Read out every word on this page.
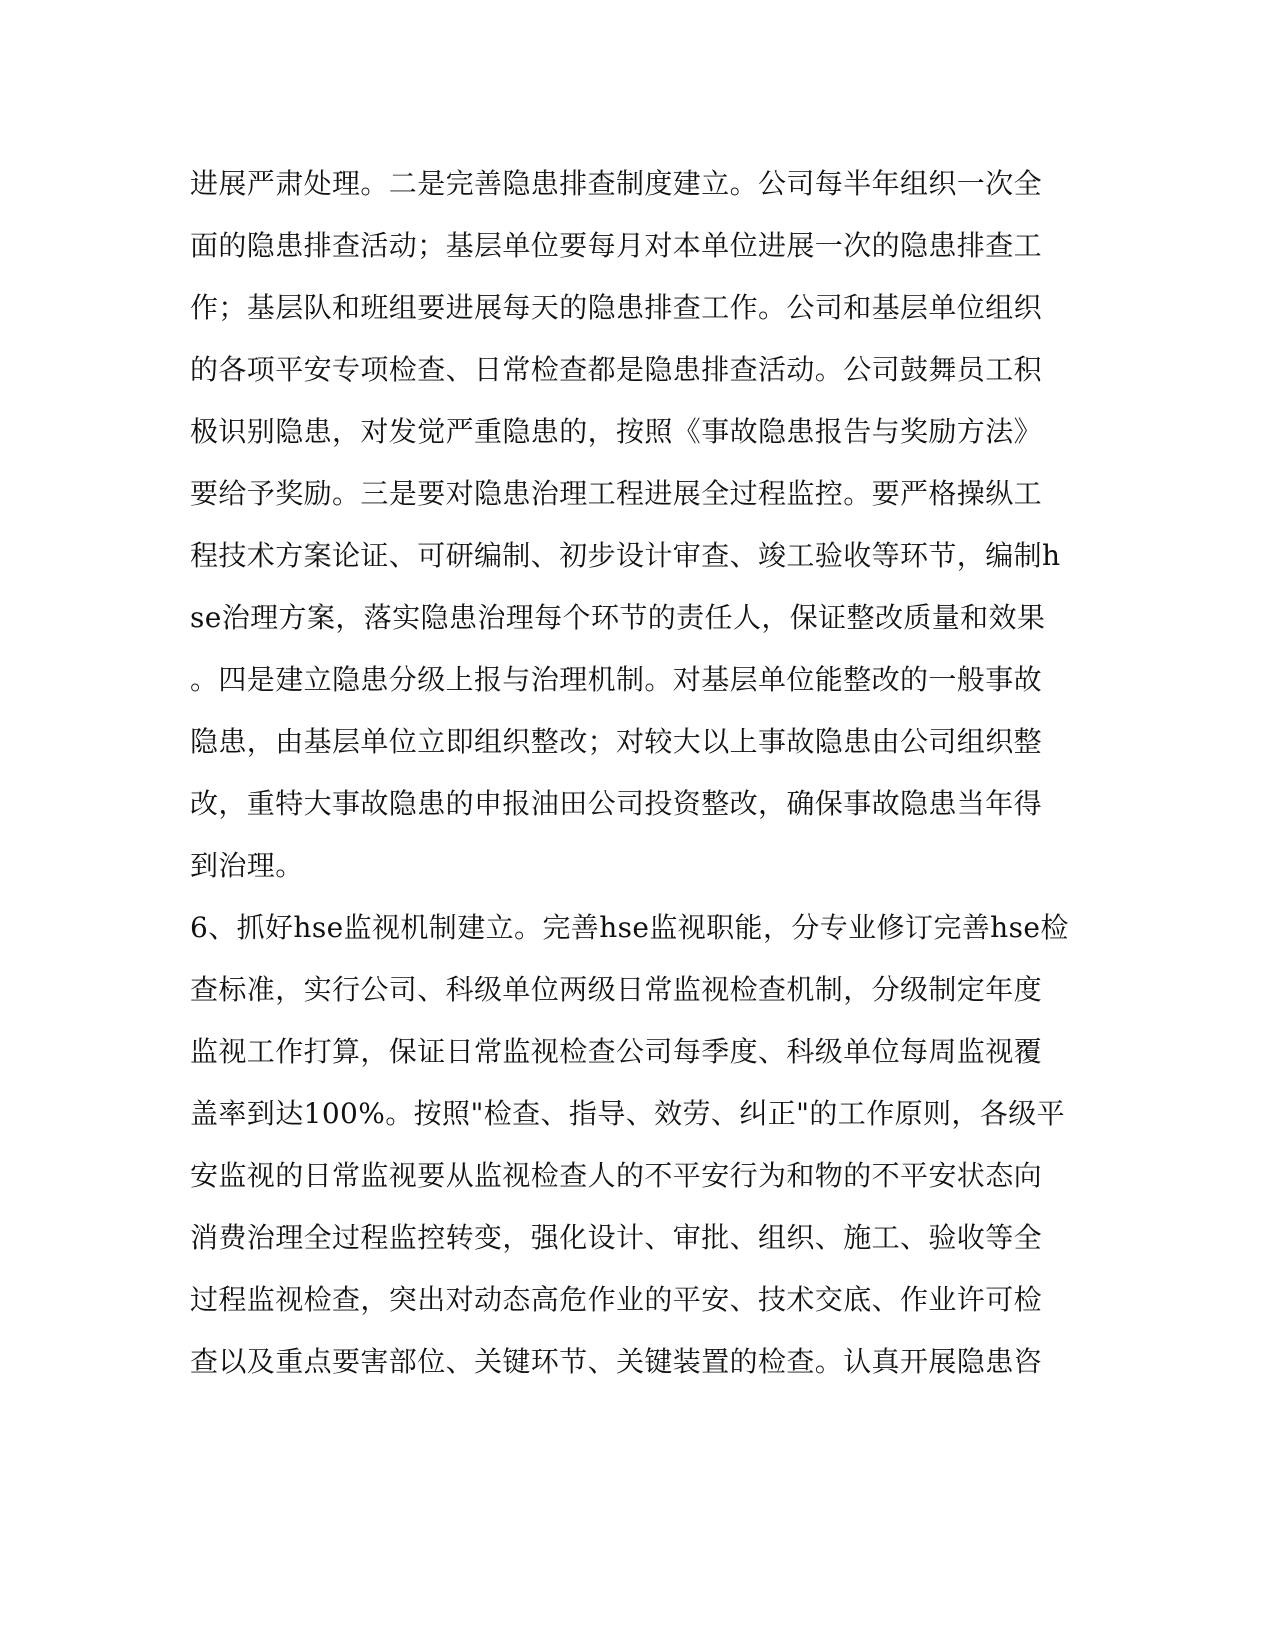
进展严肃处理。二是完善隐患排查制度建立。公司每半年组织一次全
面的隐患排查活动；基层单位要每月对本单位进展一次的隐患排查工
作；基层队和班组要进展每天的隐患排查工作。公司和基层单位组织
的各项平安专项检查、日常检查都是隐患排查活动。公司鼓舞员工积
极识别隐患，对发觉严重隐患的，按照《事故隐患报告与奖励方法》
要给予奖励。三是要对隐患治理工程进展全过程监控。要严格操纵工
程技术方案论证、可研编制、初步设计审查、竣工验收等环节，编制h
se治理方案，落实隐患治理每个环节的责任人，保证整改质量和效果
。四是建立隐患分级上报与治理机制。对基层单位能整改的一般事故
隐患，由基层单位立即组织整改；对较大以上事故隐患由公司组织整
改，重特大事故隐患的申报油田公司投资整改，确保事故隐患当年得
到治理。
6、抓好hse监视机制建立。完善hse监视职能，分专业修订完善hse检
查标准，实行公司、科级单位两级日常监视检查机制，分级制定年度
监视工作打算，保证日常监视检查公司每季度、科级单位每周监视覆
盖率到达100%。按照"检查、指导、效劳、纠正"的工作原则，各级平
安监视的日常监视要从监视检查人的不平安行为和物的不平安状态向
消费治理全过程监控转变，强化设计、审批、组织、施工、验收等全
过程监视检查，突出对动态高危作业的平安、技术交底、作业许可检
查以及重点要害部位、关键环节、关键装置的检查。认真开展隐患咨
